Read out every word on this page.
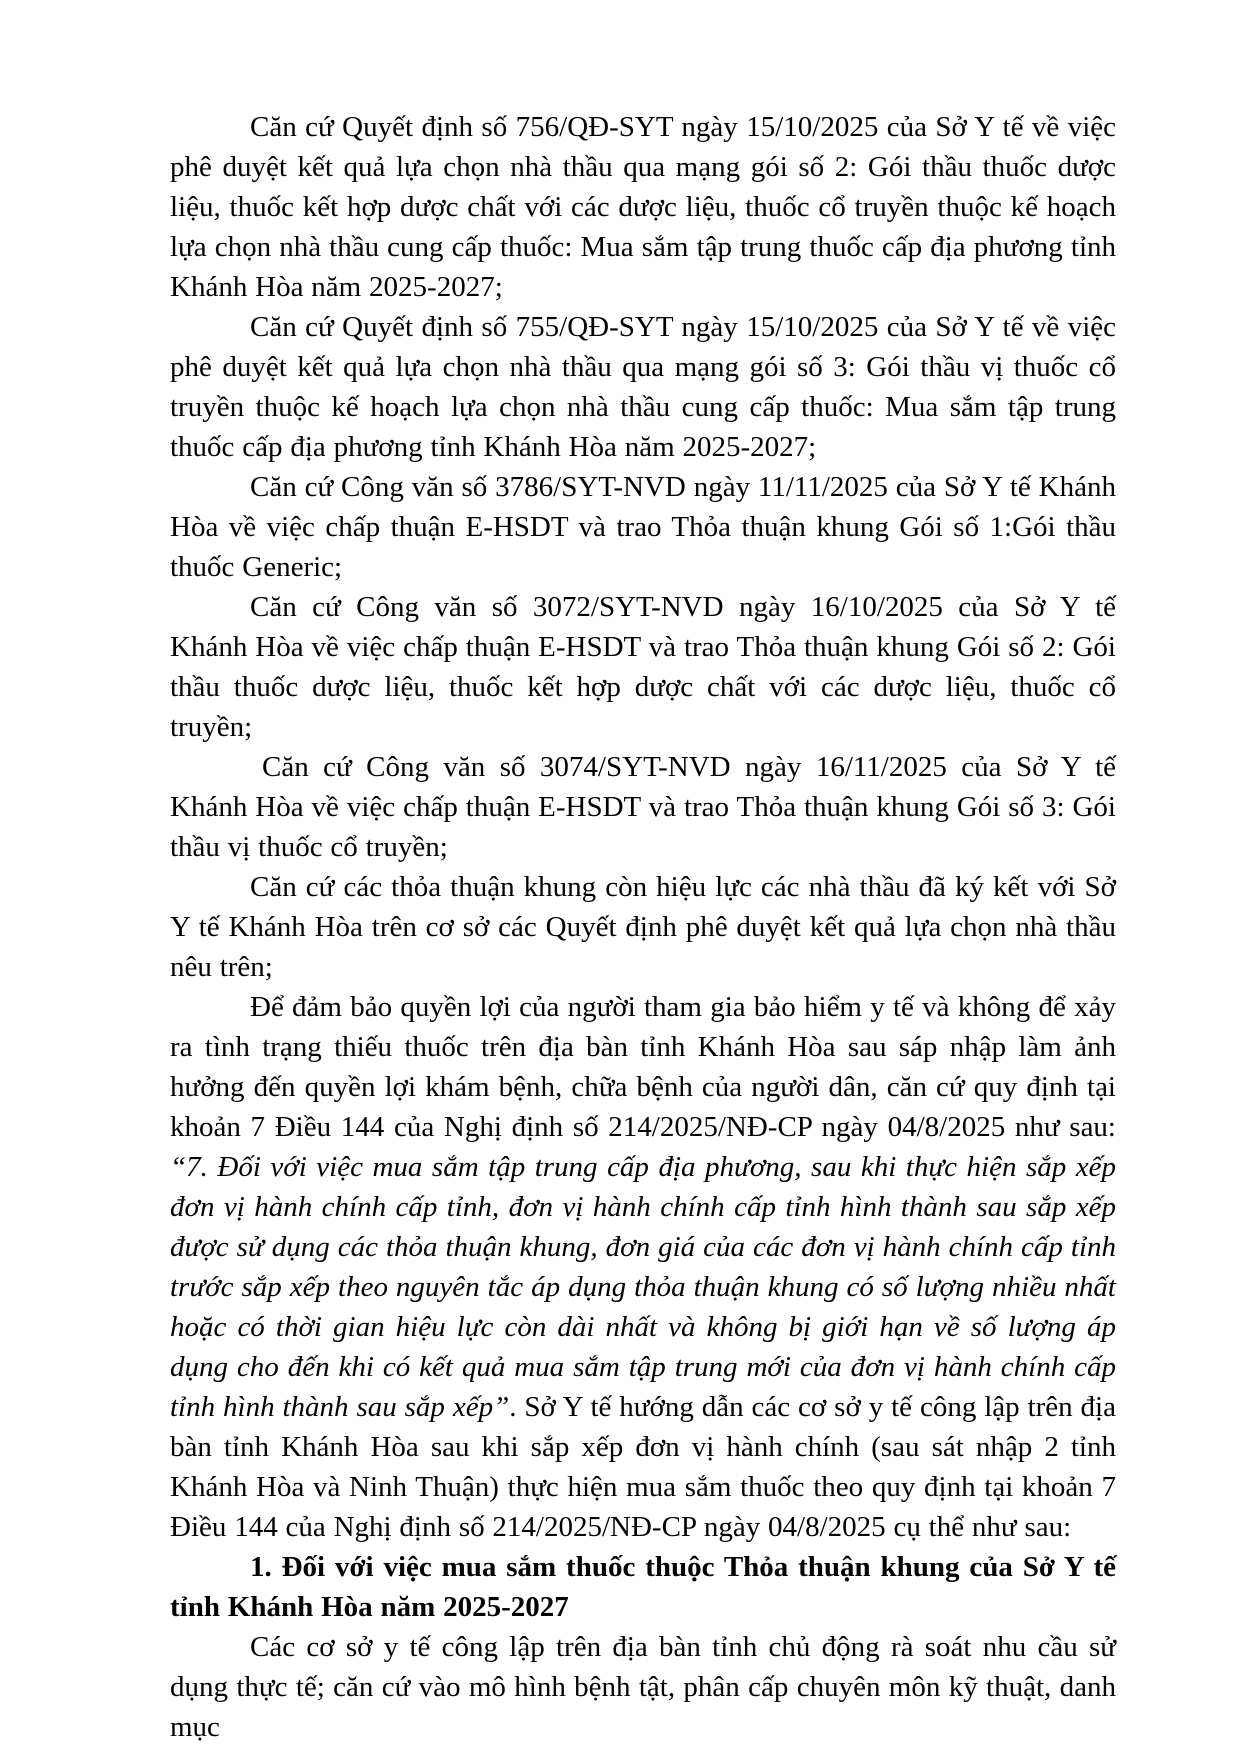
Căn cứ Quyết định số 756/QĐ-SYT ngày 15/10/2025 của Sở Y tế về việc phê duyệt kết quả lựa chọn nhà thầu qua mạng gói số 2: Gói thầu thuốc dược liệu, thuốc kết hợp dược chất với các dược liệu, thuốc cổ truyền thuộc kế hoạch lựa chọn nhà thầu cung cấp thuốc: Mua sắm tập trung thuốc cấp địa phương tỉnh Khánh Hòa năm 2025-2027;

Căn cứ Quyết định số 755/QĐ-SYT ngày 15/10/2025 của Sở Y tế về việc phê duyệt kết quả lựa chọn nhà thầu qua mạng gói số 3: Gói thầu vị thuốc cổ truyền thuộc kế hoạch lựa chọn nhà thầu cung cấp thuốc: Mua sắm tập trung thuốc cấp địa phương tỉnh Khánh Hòa năm 2025-2027;

Căn cứ Công văn số 3786/SYT-NVD ngày 11/11/2025 của Sở Y tế Khánh Hòa về việc chấp thuận E-HSDT và trao Thỏa thuận khung Gói số 1:Gói thầu thuốc Generic;

Căn cứ Công văn số 3072/SYT-NVD ngày 16/10/2025 của Sở Y tế Khánh Hòa về việc chấp thuận E-HSDT và trao Thỏa thuận khung Gói số 2: Gói thầu thuốc dược liệu, thuốc kết hợp dược chất với các dược liệu, thuốc cổ truyền;

Căn cứ Công văn số 3074/SYT-NVD ngày 16/11/2025 của Sở Y tế Khánh Hòa về việc chấp thuận E-HSDT và trao Thỏa thuận khung Gói số 3: Gói thầu vị thuốc cổ truyền;

Căn cứ các thỏa thuận khung còn hiệu lực các nhà thầu đã ký kết với Sở Y tế Khánh Hòa trên cơ sở các Quyết định phê duyệt kết quả lựa chọn nhà thầu nêu trên;

Để đảm bảo quyền lợi của người tham gia bảo hiểm y tế và không để xảy ra tình trạng thiếu thuốc trên địa bàn tỉnh Khánh Hòa sau sáp nhập làm ảnh hưởng đến quyền lợi khám bệnh, chữa bệnh của người dân, căn cứ quy định tại khoản 7 Điều 144 của Nghị định số 214/2025/NĐ-CP ngày 04/8/2025 như sau: “7. Đối với việc mua sắm tập trung cấp địa phương, sau khi thực hiện sắp xếp đơn vị hành chính cấp tỉnh, đơn vị hành chính cấp tỉnh hình thành sau sắp xếp được sử dụng các thỏa thuận khung, đơn giá của các đơn vị hành chính cấp tỉnh trước sắp xếp theo nguyên tắc áp dụng thỏa thuận khung có số lượng nhiều nhất hoặc có thời gian hiệu lực còn dài nhất và không bị giới hạn về số lượng áp dụng cho đến khi có kết quả mua sắm tập trung mới của đơn vị hành chính cấp tỉnh hình thành sau sắp xếp”. Sở Y tế hướng dẫn các cơ sở y tế công lập trên địa bàn tỉnh Khánh Hòa sau khi sắp xếp đơn vị hành chính (sau sát nhập 2 tỉnh Khánh Hòa và Ninh Thuận) thực hiện mua sắm thuốc theo quy định tại khoản 7 Điều 144 của Nghị định số 214/2025/NĐ-CP ngày 04/8/2025 cụ thể như sau:

1. Đối với việc mua sắm thuốc thuộc Thỏa thuận khung của Sở Y tế tỉnh Khánh Hòa năm 2025-2027

Các cơ sở y tế công lập trên địa bàn tỉnh chủ động rà soát nhu cầu sử dụng thực tế; căn cứ vào mô hình bệnh tật, phân cấp chuyên môn kỹ thuật, danh mục
